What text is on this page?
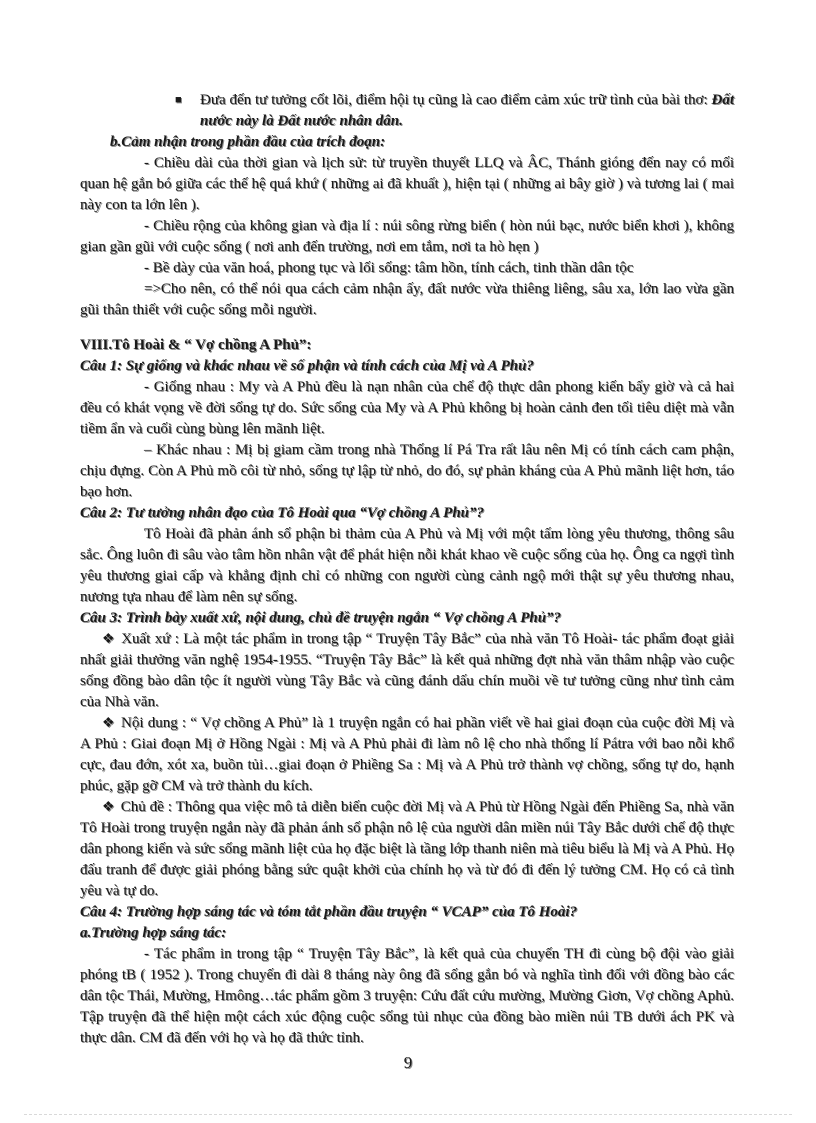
■ Đưa đến tư tưởng cốt lõi, điểm hội tụ cũng là cao điểm cảm xúc trữ tình của bài thơ: Đất nước này là Đất nước nhân dân.

b.Cảm nhận trong phần đầu của trích đoạn:

- Chiều dài của thời gian và lịch sử: từ truyền thuyết LLQ và ÂC, Thánh gióng đến nay có mối quan hệ gắn bó giữa các thế hệ quá khứ ( những ai đã khuất ), hiện tại ( những ai bây giờ ) và tương lai ( mai này con ta lớn lên ).

- Chiều rộng của không gian và địa lí : núi sông rừng biển ( hòn núi bạc, nước biển khơi ), không gian gần gũi với cuộc sống ( nơi anh đến trường, nơi em tắm, nơi ta hò hẹn )

- Bề dày của văn hoá, phong tục và lối sống: tâm hồn, tính cách, tinh thần dân tộc

=>Cho nên, có thể nói qua cách cảm nhận ấy, đất nước vừa thiêng liêng, sâu xa, lớn lao vừa gần gũi thân thiết với cuộc sống mỗi người.

VIII.Tô Hoài & “ Vợ chồng A Phủ”:

Câu 1: Sự giống và khác nhau về số phận và tính cách của Mị và A Phủ?

- Giống nhau : My và A Phủ đều là nạn nhân của chế độ thực dân phong kiến bấy giờ và cả hai đều có khát vọng về đời sống tự do. Sức sống của My và A Phủ không bị hoàn cảnh đen tối tiêu diệt mà vẫn tiềm ẩn và cuối cùng bùng lên mãnh liệt.

– Khác nhau : Mị bị giam cầm trong nhà Thống lí Pá Tra rất lâu nên Mị có tính cách cam phận, chịu đựng. Còn A Phủ mồ côi từ nhỏ, sống tự lập từ nhỏ, do đó, sự phản kháng của A Phủ mãnh liệt hơn, táo bạo hơn.

Câu 2: Tư tưởng nhân đạo của Tô Hoài qua “Vợ chồng A Phủ”?

Tô Hoài đã phản ánh số phận bi thảm của A Phủ và Mị với một tấm lòng yêu thương, thông sâu sắc. Ông luôn đi sâu vào tâm hồn nhân vật để phát hiện nỗi khát khao về cuộc sống của họ. Ông ca ngợi tình yêu thương giai cấp và khẳng định chỉ có những con người cùng cảnh ngộ mới thật sự yêu thương nhau, nương tựa nhau để làm nên sự sống.

Câu 3: Trình bày xuất xứ, nội dung, chủ đề truyện ngắn “ Vợ chồng A Phủ”?

❖ Xuất xứ : Là một tác phẩm in trong tập “ Truyện Tây Bắc” của nhà văn Tô Hoài- tác phẩm đoạt giải nhất giải thưởng văn nghệ 1954-1955. “Truyện Tây Bắc” là kết quả những đợt nhà văn thâm nhập vào cuộc sống đồng bào dân tộc ít người vùng Tây Bắc và cũng đánh dấu chín muồi về tư tưởng cũng như tình cảm của Nhà văn.

❖ Nội dung : “ Vợ chồng A Phủ” là 1 truyện ngắn có hai phần viết về hai giai đoạn của cuộc đời Mị và A Phủ : Giai đoạn Mị ở Hồng Ngài : Mị và A Phủ phải đi làm nô lệ cho nhà thống lí Pátra với bao nỗi khổ cực, đau đớn, xót xa, buồn tủi…giai đoạn ở Phiềng Sa : Mị và A Phủ trở thành vợ chồng, sống tự do, hạnh phúc, gặp gỡ CM và trở thành du kích.

❖ Chủ đề : Thông qua việc mô tả diễn biến cuộc đời Mị và A Phủ từ Hồng Ngài đến Phiềng Sa, nhà văn Tô Hoài trong truyện ngắn này đã phản ánh số phận nô lệ của người dân miền núi Tây Bắc dưới chế độ thực dân phong kiến và sức sống mãnh liệt của họ đặc biệt là tầng lớp thanh niên mà tiêu biểu là Mị và A Phủ. Họ đấu tranh để được giải phóng bằng sức quật khởi của chính họ và từ đó đi đến lý tưởng CM. Họ có cả tình yêu và tự do.

Câu 4: Trường hợp sáng tác và tóm tắt phần đầu truyện “ VCAP” của Tô Hoài?

a.Trường hợp sáng tác:

- Tác phẩm in trong tập “ Truyện Tây Bắc”, là kết quả của chuyến TH đi cùng bộ đội vào giải phóng tB ( 1952 ). Trong chuyến đi dài 8 tháng này ông đã sống gắn bó và nghĩa tình đối với đồng bào các dân tộc Thái, Mường, Hmông…tác phẩm gồm 3 truyện: Cứu đất cứu mường, Mường Giơn, Vợ chồng Aphủ. Tập truyện đã thể hiện một cách xúc động cuộc sống tủi nhục của đồng bào miền núi TB dưới ách PK và thực dân. CM đã đến với họ và họ đã thức tỉnh.

9
